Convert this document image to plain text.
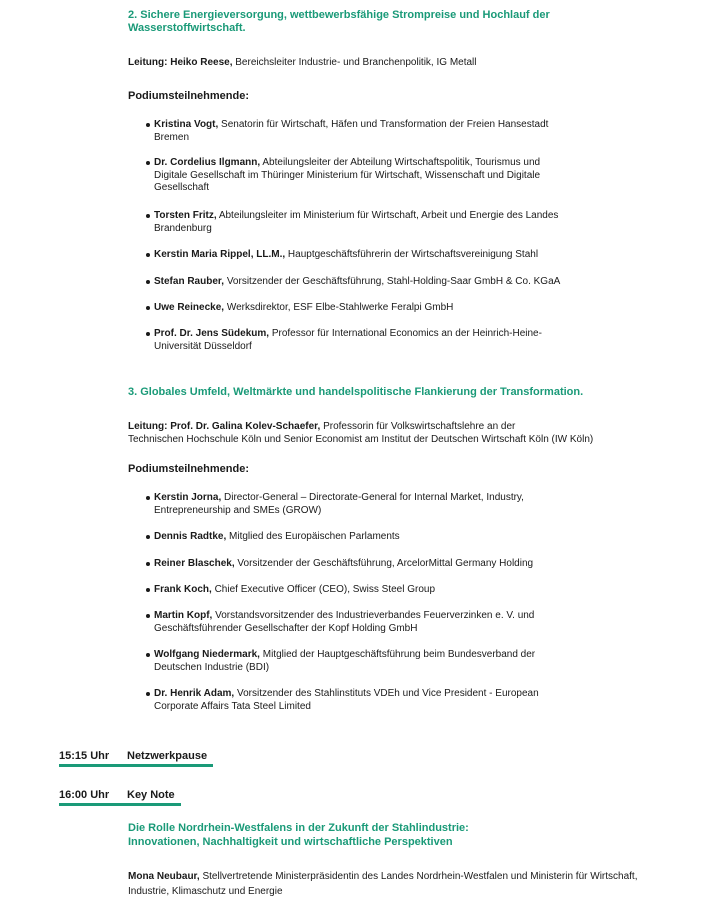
2. Sichere Energieversorgung, wettbewerbsfähige Strompreise und Hochlauf der
Wasserstoffwirtschaft.

Leitung: Heiko Reese, Bereichsleiter Industrie- und Branchenpolitik, IG Metall

Podiumsteilnehmende:

Kristina Vogt, Senatorin für Wirtschaft, Häfen und Transformation der Freien Hansestadt
Bremen
Dr. Cordelius Ilgmann, Abteilungsleiter der Abteilung Wirtschaftspolitik, Tourismus und
Digitale Gesellschaft im Thüringer Ministerium für Wirtschaft, Wissenschaft und Digitale
Gesellschaft
Torsten Fritz, Abteilungsleiter im Ministerium für Wirtschaft, Arbeit und Energie des Landes
Brandenburg
Kerstin Maria Rippel, LL.M., Hauptgeschäftsführerin der Wirtschaftsvereinigung Stahl
Stefan Rauber, Vorsitzender der Geschäftsführung, Stahl-Holding-Saar GmbH & Co. KGaA
Uwe Reinecke, Werksdirektor, ESF Elbe-Stahlwerke Feralpi GmbH
Prof. Dr. Jens Südekum, Professor für International Economics an der Heinrich-Heine-
Universität Düsseldorf

3. Globales Umfeld, Weltmärkte und handelspolitische Flankierung der Transformation.

Leitung: Prof. Dr. Galina Kolev-Schaefer, Professorin für Volkswirtschaftslehre an der
Technischen Hochschule Köln und Senior Economist am Institut der Deutschen Wirtschaft Köln (IW Köln)

Podiumsteilnehmende:

Kerstin Jorna, Director-General – Directorate-General for Internal Market, Industry,
Entrepreneurship and SMEs (GROW)
Dennis Radtke, Mitglied des Europäischen Parlaments
Reiner Blaschek, Vorsitzender der Geschäftsführung, ArcelorMittal Germany Holding
Frank Koch, Chief Executive Officer (CEO), Swiss Steel Group
Martin Kopf, Vorstandsvorsitzender des Industrieverbandes Feuerverzinken e. V. und
Geschäftsführender Gesellschafter der Kopf Holding GmbH
Wolfgang Niedermark, Mitglied der Hauptgeschäftsführung beim Bundesverband der
Deutschen Industrie (BDI)
Dr. Henrik Adam, Vorsitzender des Stahlinstituts VDEh und Vice President - European
Corporate Affairs Tata Steel Limited
15:15 Uhr Netzwerkpause
16:00 Uhr Key Note

Die Rolle Nordrhein-Westfalens in der Zukunft der Stahlindustrie:
Innovationen, Nachhaltigkeit und wirtschaftliche Perspektiven

Mona Neubaur, Stellvertretende Ministerpräsidentin des Landes Nordrhein-Westfalen und Ministerin für Wirtschaft,
Industrie, Klimaschutz und Energie
